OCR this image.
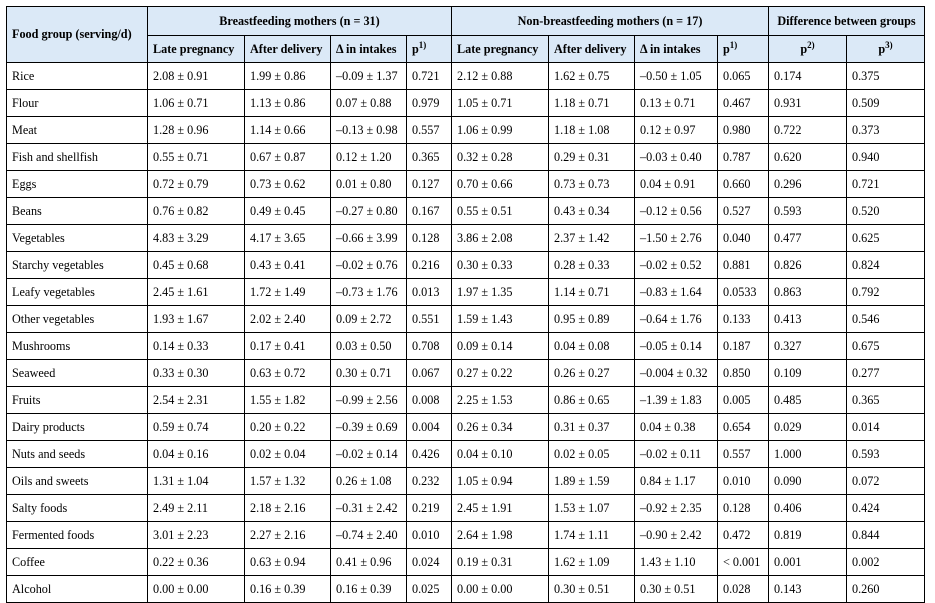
Food group (serving/d)	Breastfeeding mothers (n = 31)				Non-breastfeeding mothers (n = 17)				Difference between groups	
	Late pregnancy	After delivery	Δ in intakes	$p^{1)}$	Late pregnancy	After delivery	Δ in intakes	$p^{1)}$	$p^{2)}$	$p^{3)}$
Rice	2.08 ± 0.91	1.99 ± 0.86	–0.09 ± 1.37	0.721	2.12 ± 0.88	1.62 ± 0.75	–0.50 ± 1.05	0.065	0.174	0.375
Flour	1.06 ± 0.71	1.13 ± 0.86	0.07 ± 0.88	0.979	1.05 ± 0.71	1.18 ± 0.71	0.13 ± 0.71	0.467	0.931	0.509
Meat	1.28 ± 0.96	1.14 ± 0.66	–0.13 ± 0.98	0.557	1.06 ± 0.99	1.18 ± 1.08	0.12 ± 0.97	0.980	0.722	0.373
Fish and shellfish	0.55 ± 0.71	0.67 ± 0.87	0.12 ± 1.20	0.365	0.32 ± 0.28	0.29 ± 0.31	–0.03 ± 0.40	0.787	0.620	0.940
Eggs	0.72 ± 0.79	0.73 ± 0.62	0.01 ± 0.80	0.127	0.70 ± 0.66	0.73 ± 0.73	0.04 ± 0.91	0.660	0.296	0.721
Beans	0.76 ± 0.82	0.49 ± 0.45	–0.27 ± 0.80	0.167	0.55 ± 0.51	0.43 ± 0.34	–0.12 ± 0.56	0.527	0.593	0.520
Vegetables	4.83 ± 3.29	4.17 ± 3.65	–0.66 ± 3.99	0.128	3.86 ± 2.08	2.37 ± 1.42	–1.50 ± 2.76	0.040	0.477	0.625
Starchy vegetables	0.45 ± 0.68	0.43 ± 0.41	–0.02 ± 0.76	0.216	0.30 ± 0.33	0.28 ± 0.33	–0.02 ± 0.52	0.881	0.826	0.824
Leafy vegetables	2.45 ± 1.61	1.72 ± 1.49	–0.73 ± 1.76	0.013	1.97 ± 1.35	1.14 ± 0.71	–0.83 ± 1.64	0.0533	0.863	0.792
Other vegetables	1.93 ± 1.67	2.02 ± 2.40	0.09 ± 2.72	0.551	1.59 ± 1.43	0.95 ± 0.89	–0.64 ± 1.76	0.133	0.413	0.546
Mushrooms	0.14 ± 0.33	0.17 ± 0.41	0.03 ± 0.50	0.708	0.09 ± 0.14	0.04 ± 0.08	–0.05 ± 0.14	0.187	0.327	0.675
Seaweed	0.33 ± 0.30	0.63 ± 0.72	0.30 ± 0.71	0.067	0.27 ± 0.22	0.26 ± 0.27	–0.004 ± 0.32	0.850	0.109	0.277
Fruits	2.54 ± 2.31	1.55 ± 1.82	–0.99 ± 2.56	0.008	2.25 ± 1.53	0.86 ± 0.65	–1.39 ± 1.83	0.005	0.485	0.365
Dairy products	0.59 ± 0.74	0.20 ± 0.22	–0.39 ± 0.69	0.004	0.26 ± 0.34	0.31 ± 0.37	0.04 ± 0.38	0.654	0.029	0.014
Nuts and seeds	0.04 ± 0.16	0.02 ± 0.04	–0.02 ± 0.14	0.426	0.04 ± 0.10	0.02 ± 0.05	–0.02 ± 0.11	0.557	1.000	0.593
Oils and sweets	1.31 ± 1.04	1.57 ± 1.32	0.26 ± 1.08	0.232	1.05 ± 0.94	1.89 ± 1.59	0.84 ± 1.17	0.010	0.090	0.072
Salty foods	2.49 ± 2.11	2.18 ± 2.16	–0.31 ± 2.42	0.219	2.45 ± 1.91	1.53 ± 1.07	–0.92 ± 2.35	0.128	0.406	0.424
Fermented foods	3.01 ± 2.23	2.27 ± 2.16	–0.74 ± 2.40	0.010	2.64 ± 1.98	1.74 ± 1.11	–0.90 ± 2.42	0.472	0.819	0.844
Coffee	0.22 ± 0.36	0.63 ± 0.94	0.41 ± 0.96	0.024	0.19 ± 0.31	1.62 ± 1.09	1.43 ± 1.10	< 0.001	0.001	0.002
Alcohol	0.00 ± 0.00	0.16 ± 0.39	0.16 ± 0.39	0.025	0.00 ± 0.00	0.30 ± 0.51	0.30 ± 0.51	0.028	0.143	0.260
